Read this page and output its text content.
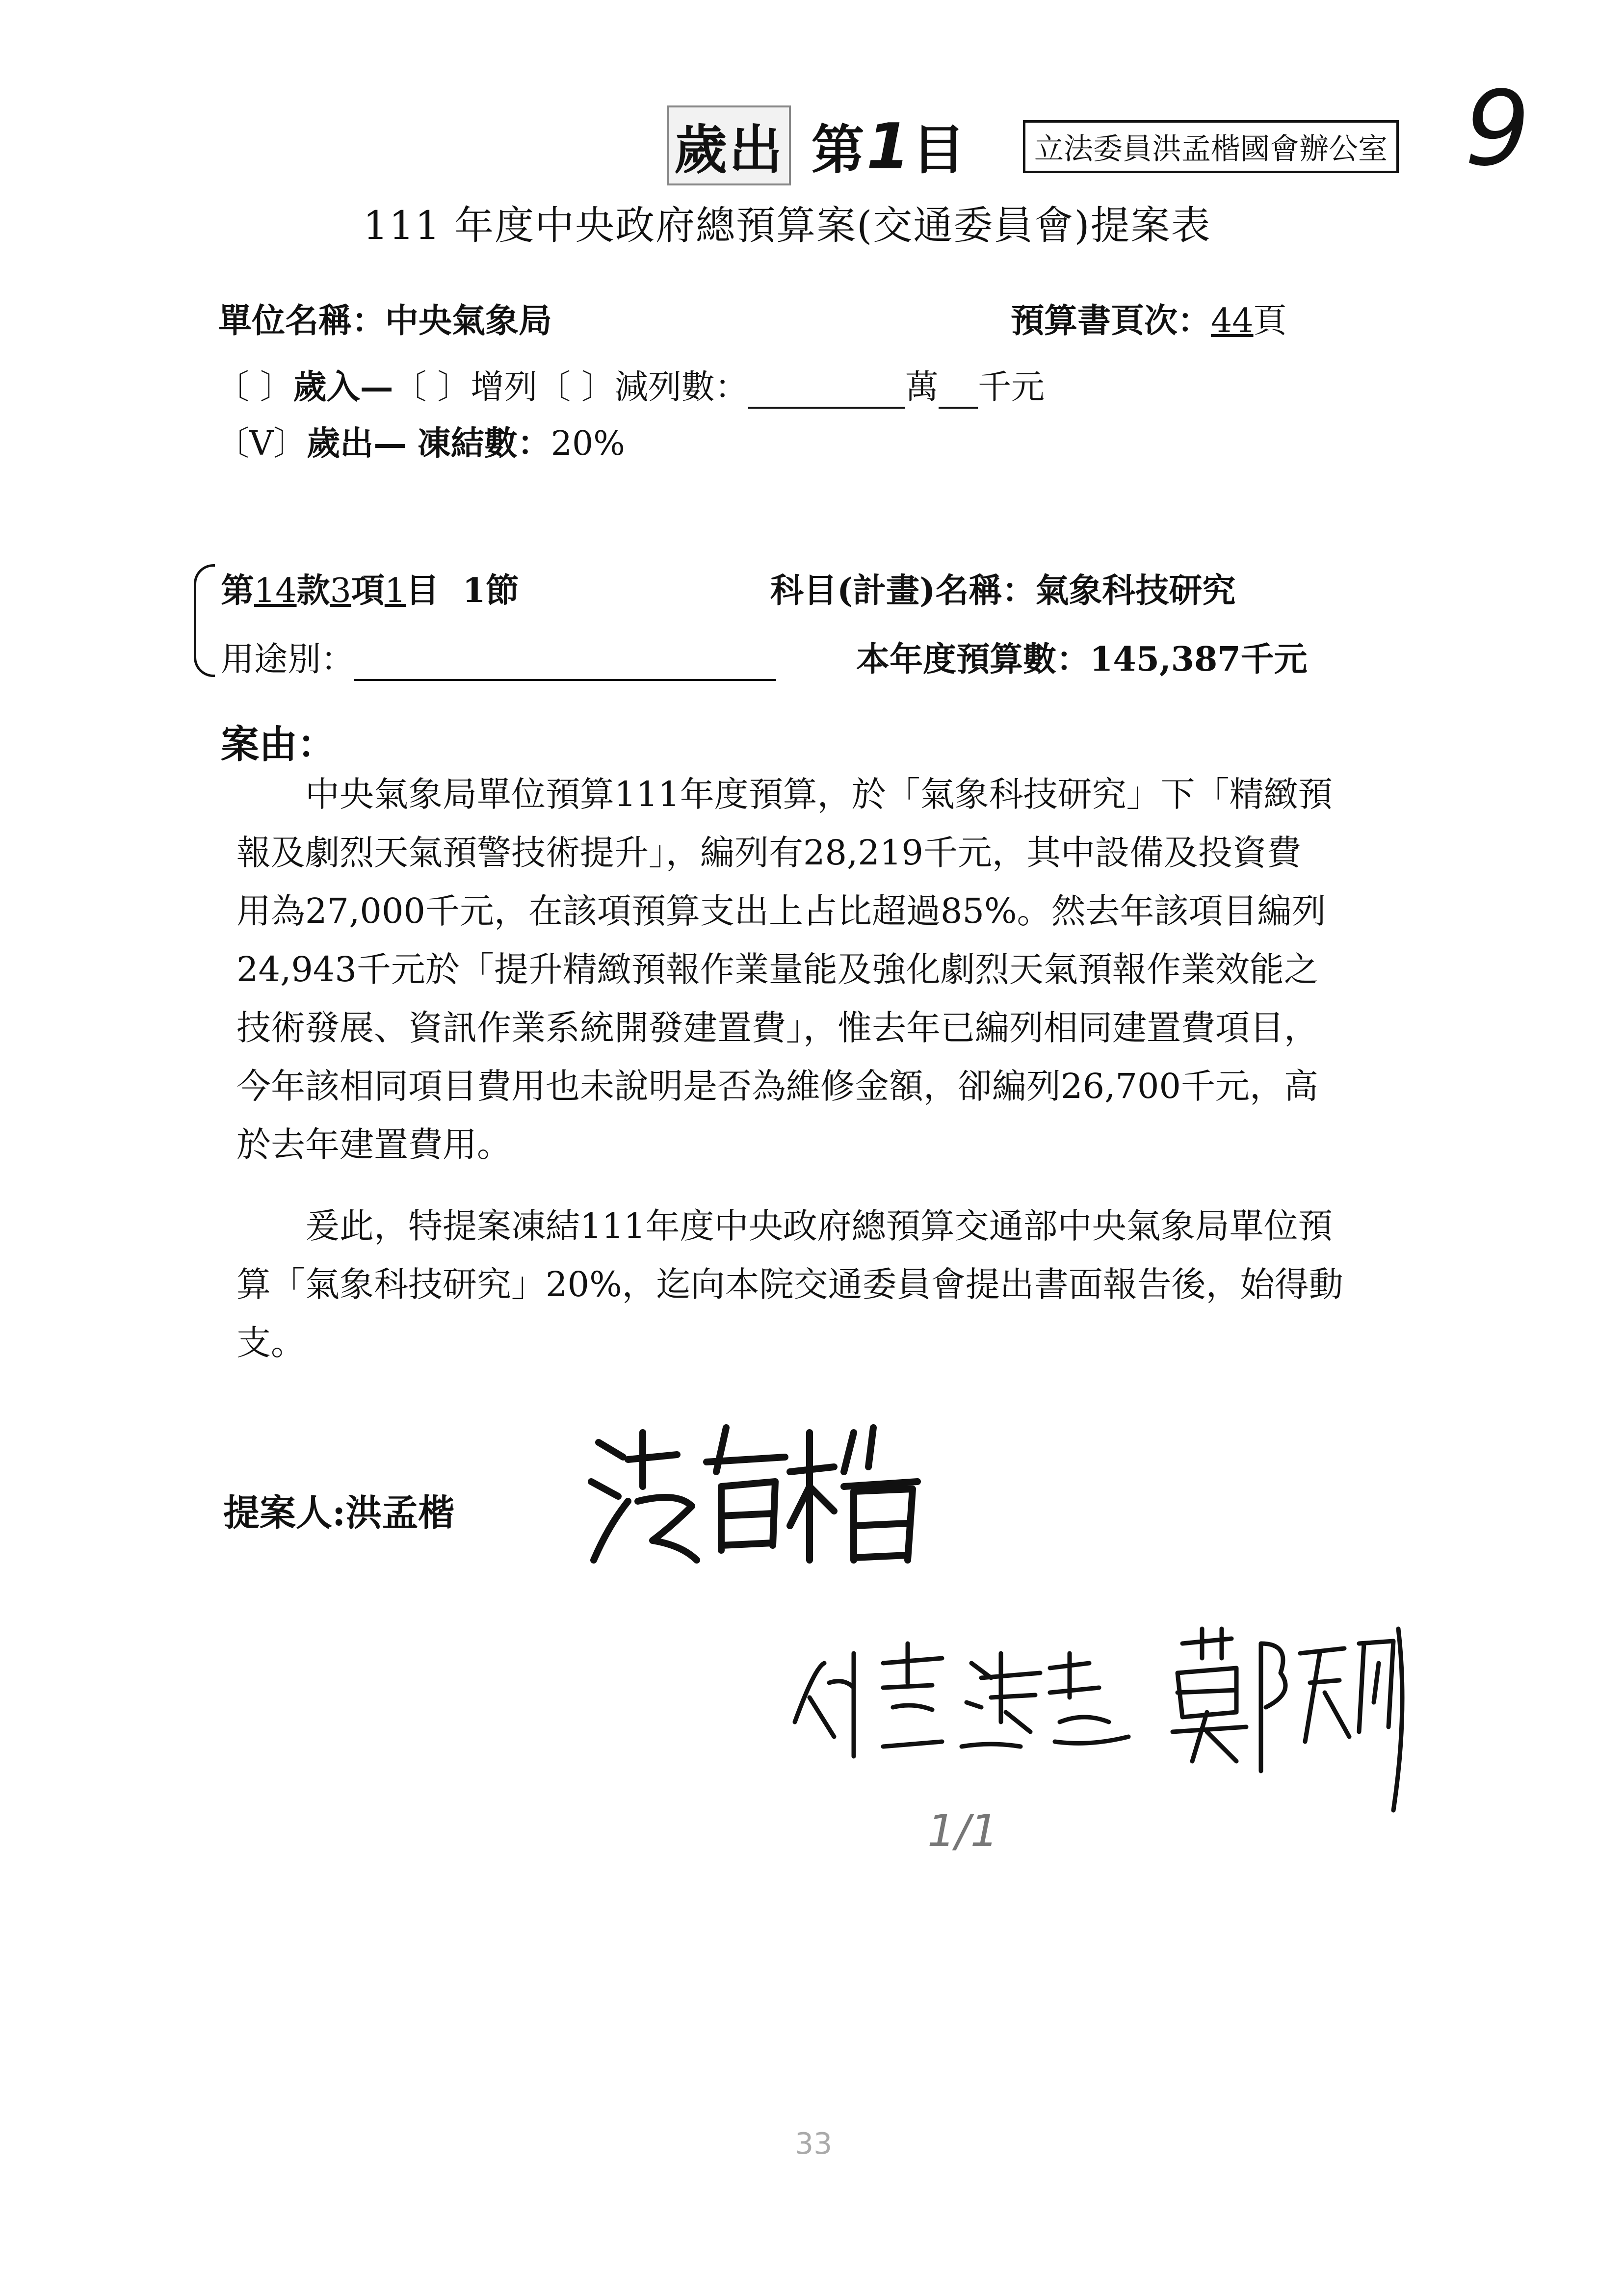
歲出 第1目	立法委員洪孟楷國會辦公室 9
111 年度中央政府總預算案(交通委員會)提案表
單位名稱：中央氣象局	預算書頁次：44頁
〔 〕歲入—〔 〕增列〔 〕減列數：	萬 千元
〔V〕歲出— 凍結數：20%
第14款3項1目 1節	科目(計畫)名稱：氣象科技研究
用途別：	本年度預算數：145,387千元
案由：
中央氣象局單位預算111年度預算，於「氣象科技研究」下「精緻預
報及劇烈天氣預警技術提升」，編列有28,219千元，其中設備及投資費
用為27,000千元，在該項預算支出上占比超過85%。然去年該項目編列
24,943千元於「提升精緻預報作業量能及強化劇烈天氣預報作業效能之
技術發展、資訊作業系統開發建置費」，惟去年已編列相同建置費項目，
今年該相同項目費用也未說明是否為維修金額，卻編列26,700千元，高
於去年建置費用。
爰此，特提案凍結111年度中央政府總預算交通部中央氣象局單位預
算「氣象科技研究」20%，迄向本院交通委員會提出書面報告後，始得動
支。
提案人:洪孟楷
1/1
33
